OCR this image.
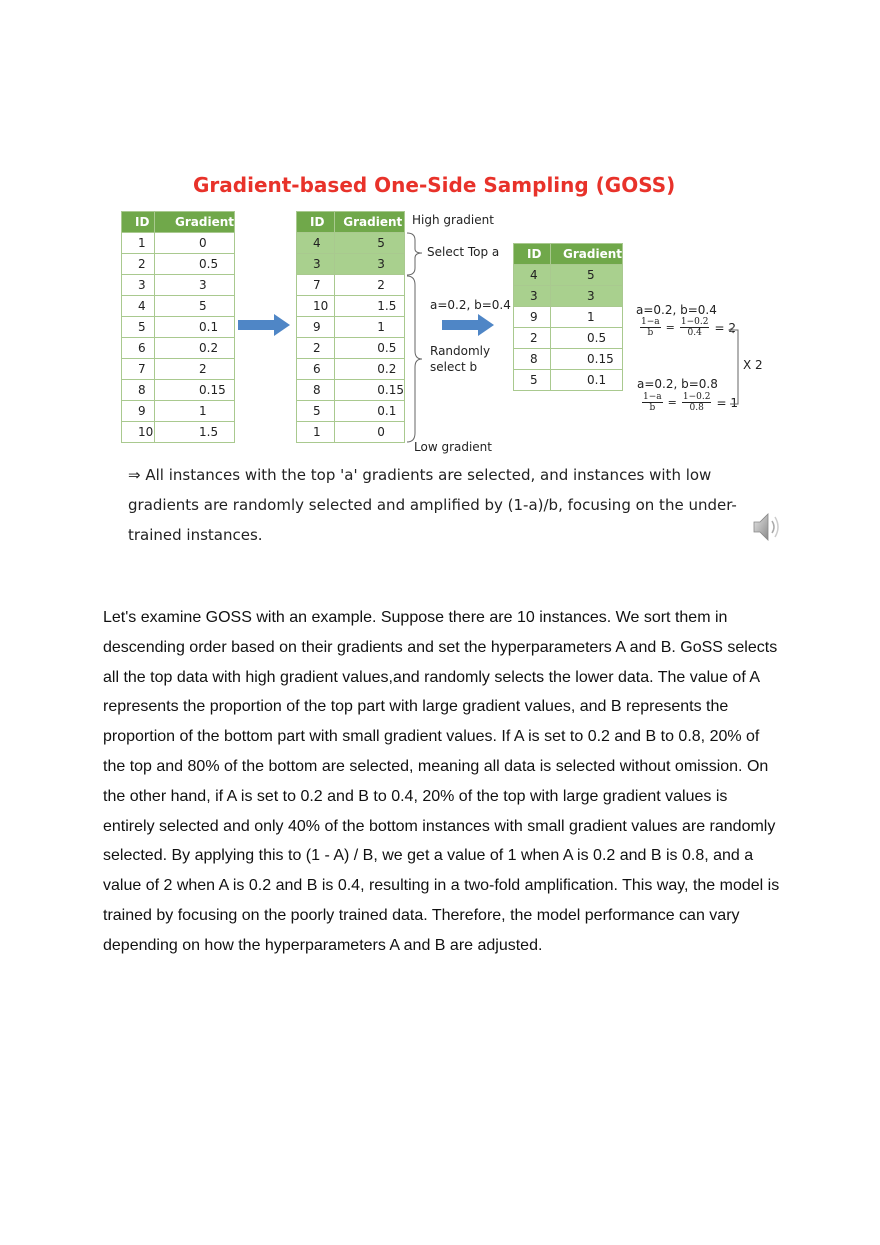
Gradient-based One-Side Sampling (GOSS)
ID	Gradient
1	0
2	0.5
3	3
4	5
5	0.1
6	0.2
7	2
8	0.15
9	1
10	1.5
ID	Gradient
4	5
3	3
7	2
10	1.5
9	1
2	0.5
6	0.2
8	0.15
5	0.1
1	0
High gradient
Select Top a
a=0.2, b=0.4
Randomly
select b
Low gradient
ID	Gradient
4	5
3	3
9	1
2	0.5
8	0.15
5	0.1
a=0.2, b=0.4
$\frac{1-a}{b} = \frac{1-0.2}{0.4} = 2$
a=0.2, b=0.8
$\frac{1-a}{b} = \frac{1-0.2}{0.8} = 1$
X 2
⇒ All instances with the top 'a' gradients are selected, and instances with low gradients are randomly selected and amplified by (1-a)/b, focusing on the under-trained instances.

Let's examine GOSS with an example. Suppose there are 10 instances. We sort them in descending order based on their gradients and set the hyperparameters A and B. GoSS selects all the top data with high gradient values,and randomly selects the lower data. The value of A represents the proportion of the top part with large gradient values, and B represents the proportion of the bottom part with small gradient values. If A is set to 0.2 and B to 0.8, 20% of the top and 80% of the bottom are selected, meaning all data is selected without omission. On the other hand, if A is set to 0.2 and B to 0.4, 20% of the top with large gradient values is entirely selected and only 40% of the bottom instances with small gradient values are randomly selected. By applying this to (1 - A) / B, we get a value of 1 when A is 0.2 and B is 0.8, and a value of 2 when A is 0.2 and B is 0.4, resulting in a two-fold amplification. This way, the model is trained by focusing on the poorly trained data. Therefore, the model performance can vary depending on how the hyperparameters A and B are adjusted.
